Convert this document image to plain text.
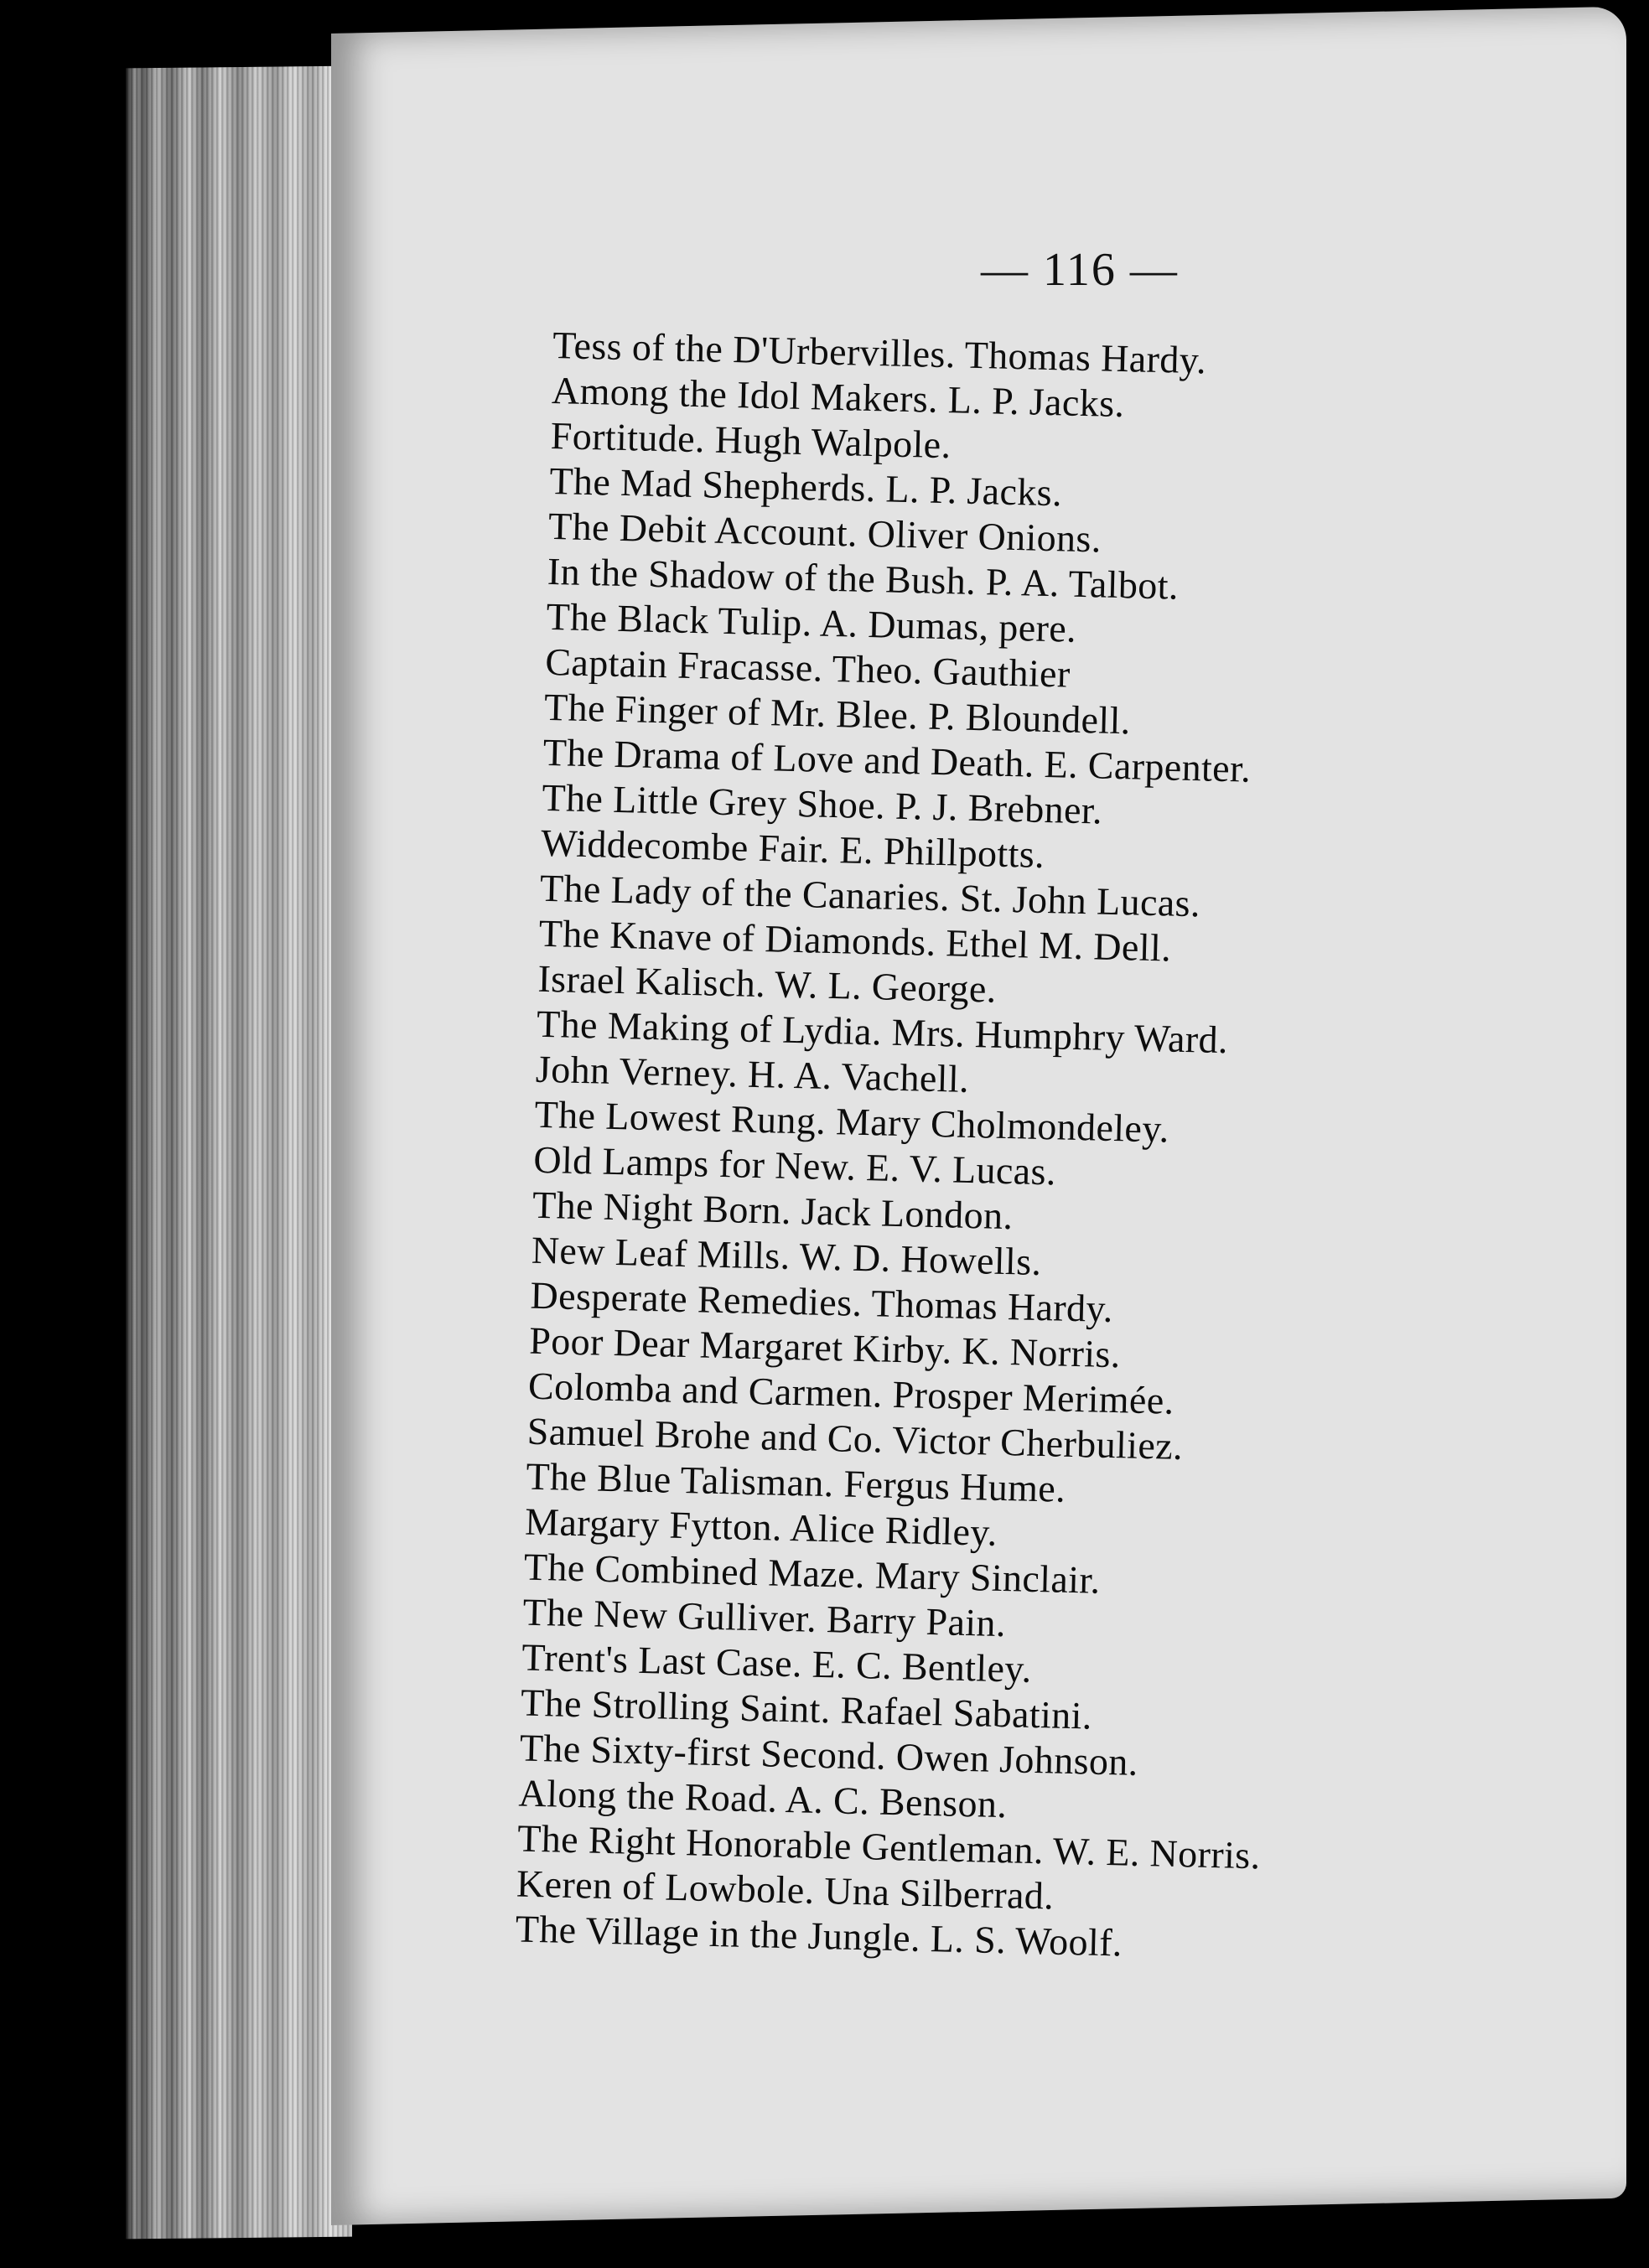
— 116 —

Tess of the D'Urbervilles. Thomas Hardy.
Among the Idol Makers. L. P. Jacks.
Fortitude. Hugh Walpole.
The Mad Shepherds. L. P. Jacks.
The Debit Account. Oliver Onions.
In the Shadow of the Bush. P. A. Talbot.
The Black Tulip. A. Dumas, pere.
Captain Fracasse. Theo. Gauthier
The Finger of Mr. Blee. P. Bloundell.
The Drama of Love and Death. E. Carpenter.
The Little Grey Shoe. P. J. Brebner.
Widdecombe Fair. E. Phillpotts.
The Lady of the Canaries. St. John Lucas.
The Knave of Diamonds. Ethel M. Dell.
Israel Kalisch. W. L. George.
The Making of Lydia. Mrs. Humphry Ward.
John Verney. H. A. Vachell.
The Lowest Rung. Mary Cholmondeley.
Old Lamps for New. E. V. Lucas.
The Night Born. Jack London.
New Leaf Mills. W. D. Howells.
Desperate Remedies. Thomas Hardy.
Poor Dear Margaret Kirby. K. Norris.
Colomba and Carmen. Prosper Merimée.
Samuel Brohe and Co. Victor Cherbuliez.
The Blue Talisman. Fergus Hume.
Margary Fytton. Alice Ridley.
The Combined Maze. Mary Sinclair.
The New Gulliver. Barry Pain.
Trent's Last Case. E. C. Bentley.
The Strolling Saint. Rafael Sabatini.
The Sixty-first Second. Owen Johnson.
Along the Road. A. C. Benson.
The Right Honorable Gentleman. W. E. Norris.
Keren of Lowbole. Una Silberrad.
The Village in the Jungle. L. S. Woolf.
